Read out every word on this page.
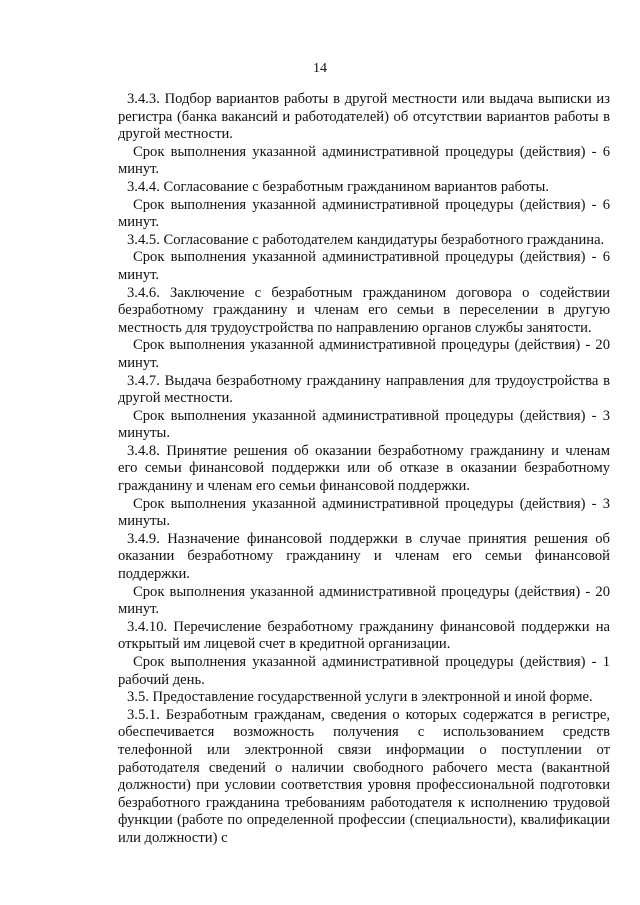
14

3.4.3. Подбор вариантов работы в другой местности или выдача выписки из регистра (банка вакансий и работодателей) об отсутствии вариантов работы в другой местности.

Срок выполнения указанной административной процедуры (действия) - 6 минут.

3.4.4. Согласование с безработным гражданином вариантов работы.

Срок выполнения указанной административной процедуры (действия) - 6 минут.

3.4.5. Согласование с работодателем кандидатуры безработного гражданина.

Срок выполнения указанной административной процедуры (действия) - 6 минут.

3.4.6. Заключение с безработным гражданином договора о содействии безработному гражданину и членам его семьи в переселении в другую местность для трудоустройства по направлению органов службы занятости.

Срок выполнения указанной административной процедуры (действия) - 20 минут.

3.4.7. Выдача безработному гражданину направления для трудоустройства в другой местности.

Срок выполнения указанной административной процедуры (действия) - 3 минуты.

3.4.8. Принятие решения об оказании безработному гражданину и членам его семьи финансовой поддержки или об отказе в оказании безработному гражданину и членам его семьи финансовой поддержки.

Срок выполнения указанной административной процедуры (действия) - 3 минуты.

3.4.9. Назначение финансовой поддержки в случае принятия решения об оказании безработному гражданину и членам его семьи финансовой поддержки.

Срок выполнения указанной административной процедуры (действия) - 20 минут.

3.4.10. Перечисление безработному гражданину финансовой поддержки на открытый им лицевой счет в кредитной организации.

Срок выполнения указанной административной процедуры (действия) - 1 рабочий день.

3.5. Предоставление государственной услуги в электронной и иной форме.

3.5.1. Безработным гражданам, сведения о которых содержатся в регистре, обеспечивается возможность получения с использованием средств телефонной или электронной связи информации о поступлении от работодателя сведений о наличии свободного рабочего места (вакантной должности) при условии соответствия уровня профессиональной подготовки безработного гражданина требованиям работодателя к исполнению трудовой функции (работе по определенной профессии (специальности), квалификации или должности) с
